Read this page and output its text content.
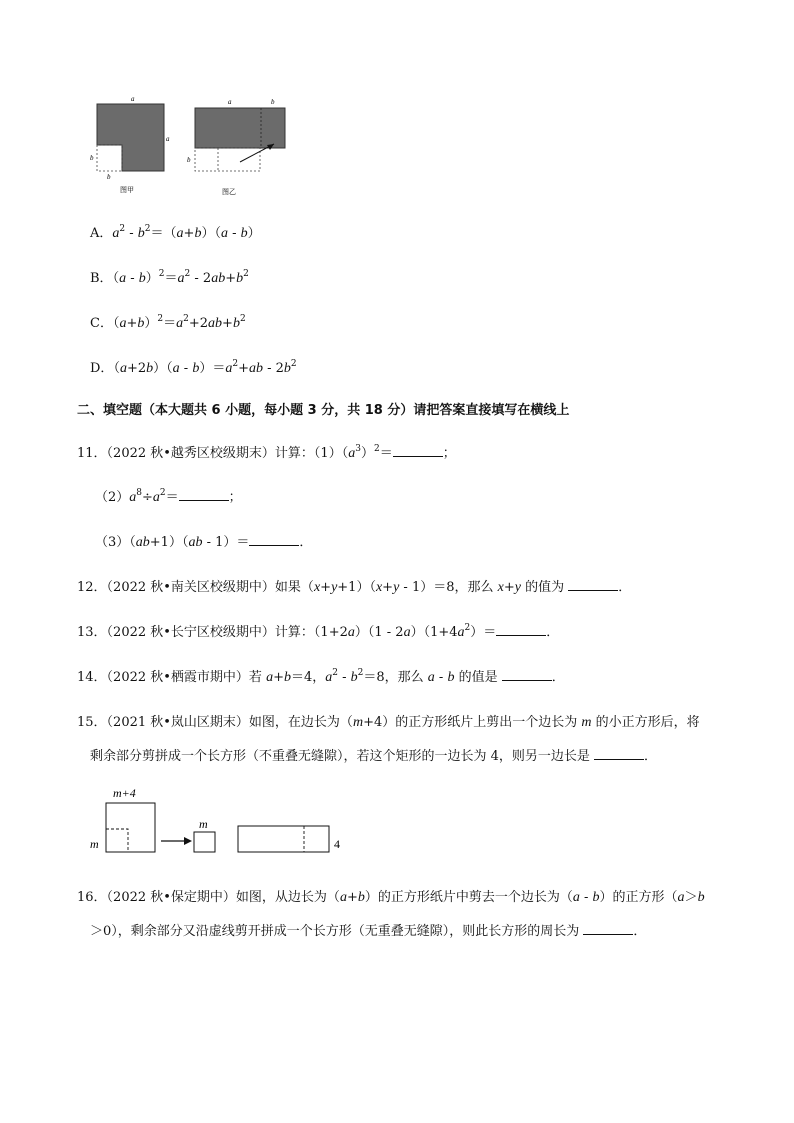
a
a
b
b
图甲
a	b
b
图乙
A．$a^2 - b^2=(a+b)(a - b)$
B．$(a - b)^2=a^2 - 2ab+b^2$
C．$(a+b)^2=a^2+2ab+b^2$
D．$(a+2b)(a - b)=a^2+ab - 2b^2$
二、填空题（本大题共 6 小题，每小题 3 分，共 18 分）请把答案直接填写在横线上
11．（2022 秋•越秀区校级期末）计算：$(1)(a^3)^2=$	；
$(2)a^8\div a^2=$	；
（3）（ab+1）（ab - 1）＝	．
12．（2022 秋•南关区校级期中）如果（x+y+1）（x+y - 1）＝8，那么 x+y 的值为	．
13．（2022 秋•长宁区校级期中）计算：$(1+2a)(1 - 2a)(1+4a^2)=$	．
14．（2022 秋•栖霞市期中）若 a+b＝4，$a^2 - b^2=8$，那么 a - b 的值是	．
15．（2021 秋•岚山区期末）如图，在边长为（m+4）的正方形纸片上剪出一个边长为 m 的小正方形后，将
剩余部分剪拼成一个长方形（不重叠无缝隙），若这个矩形的一边长为 4，则另一边长是	．
m+4
m
m
4
16．（2022 秋•保定期中）如图，从边长为（a+b）的正方形纸片中剪去一个边长为（a - b）的正方形（a＞b
＞0），剩余部分又沿虚线剪开拼成一个长方形（无重叠无缝隙），则此长方形的周长为	．
